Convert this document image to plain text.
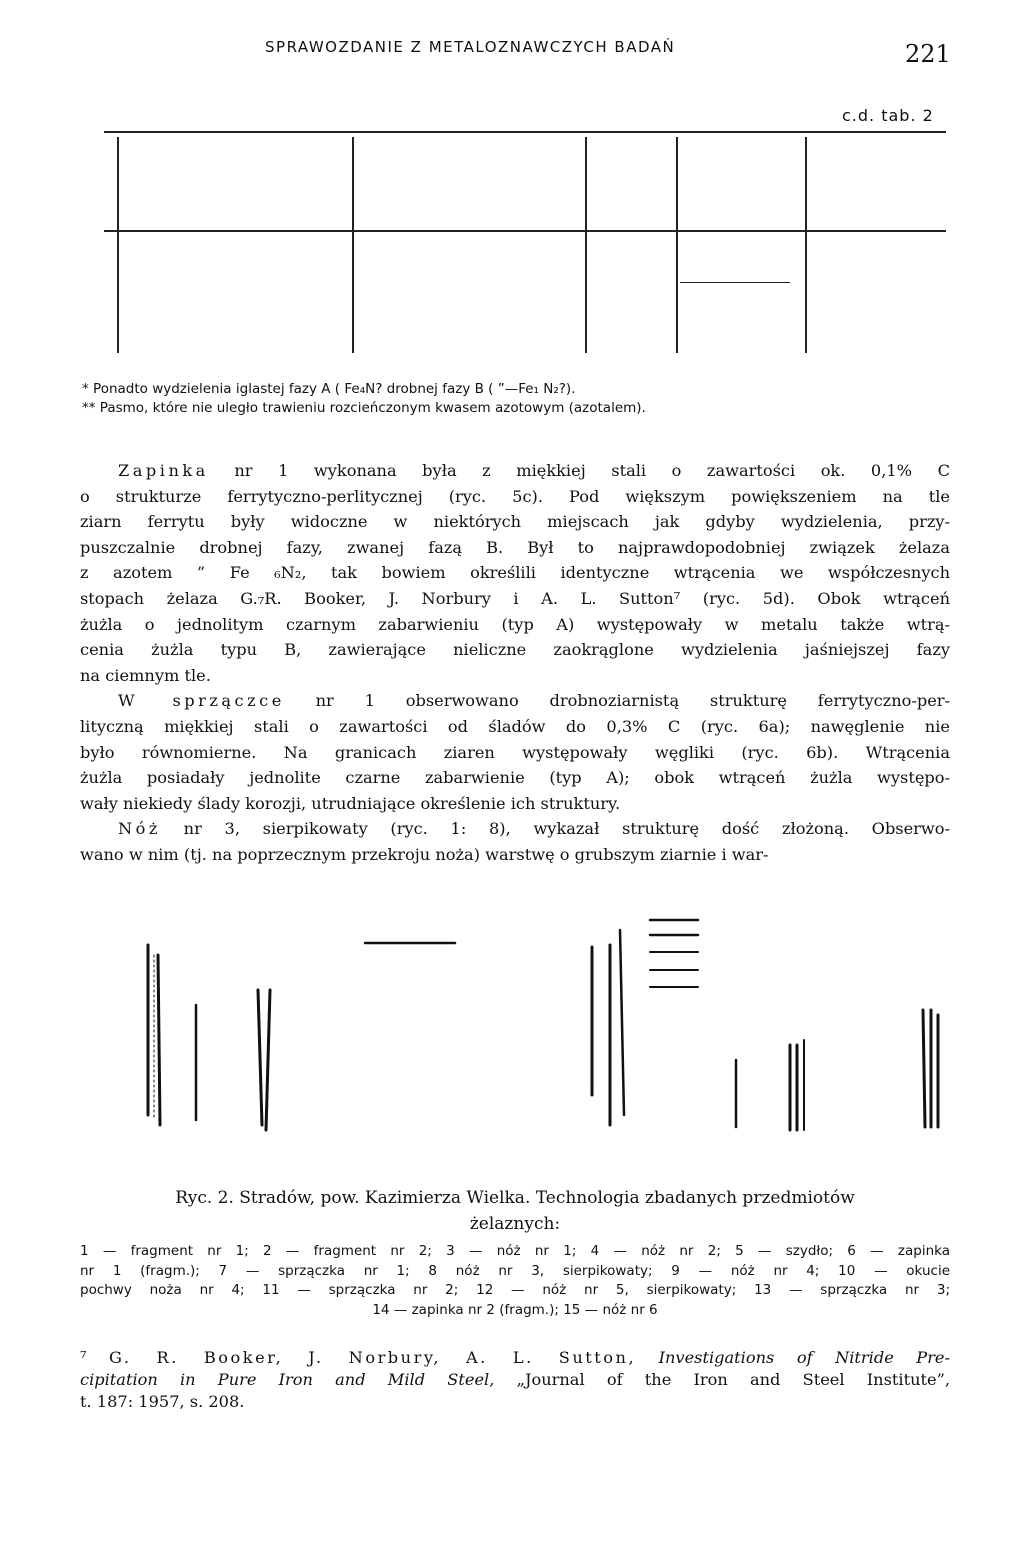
SPRAWOZDANIE Z METALOZNAWCZYCH BADAŃ	221
c.d. tab. 2
* Ponadto wydzielenia iglastej fazy A ( Fe₄N? drobnej fazy B ( ”—Fe₁ N₂?).
** Pasmo, które nie uległo trawieniu rozcieńczonym kwasem azotowym (azotalem).

Zapinka nr 1 wykonana była z miękkiej stali o zawartości ok. 0,1% C

o strukturze ferrytyczno-perlitycznej (ryc. 5c). Pod większym powiększeniem na tle

ziarn ferrytu były widoczne w niektórych miejscach jak gdyby wydzielenia, przy-

puszczalnie drobnej fazy, zwanej fazą B. Był to najprawdopodobniej związek żelaza

z azotem ” Fe ₆N₂, tak bowiem określili identyczne wtrącenia we współczesnych

stopach żelaza G.₇R. Booker, J. Norbury i A. L. Sutton⁷ (ryc. 5d). Obok wtrąceń

żużla o jednolitym czarnym zabarwieniu (typ A) występowały w metalu także wtrą-

cenia żużla typu B, zawierające nieliczne zaokrąglone wydzielenia jaśniejszej fazy

na ciemnym tle.

W sprzączce nr 1 obserwowano drobnoziarnistą strukturę ferrytyczno-per-

lityczną miękkiej stali o zawartości od śladów do 0,3% C (ryc. 6a); nawęglenie nie

było równomierne. Na granicach ziaren występowały węgliki (ryc. 6b). Wtrącenia

żużla posiadały jednolite czarne zabarwienie (typ A); obok wtrąceń żużla występo-

wały niekiedy ślady korozji, utrudniające określenie ich struktury.

Nóż nr 3, sierpikowaty (ryc. 1: 8), wykazał strukturę dość złożoną. Obserwo-

wano w nim (tj. na poprzecznym przekroju noża) warstwę o grubszym ziarnie i war-

Ryc. 2. Stradów, pow. Kazimierza Wielka. Technologia zbadanych przedmiotów
żelaznych:

1 — fragment nr 1; 2 — fragment nr 2; 3 — nóż nr 1; 4 — nóż nr 2; 5 — szydło; 6 — zapinka

nr 1 (fragm.); 7 — sprzączka nr 1; 8 nóż nr 3, sierpikowaty; 9 — nóż nr 4; 10 — okucie

pochwy noża nr 4; 11 — sprzączka nr 2; 12 — nóż nr 5, sierpikowaty; 13 — sprzączka nr 3;

14 — zapinka nr 2 (fragm.); 15 — nóż nr 6

⁷ G. R. Booker, J. Norbury, A. L. Sutton, Investigations of Nitride Pre-

cipitation in Pure Iron and Mild Steel, „Journal of the Iron and Steel Institute”,

t. 187: 1957, s. 208.
